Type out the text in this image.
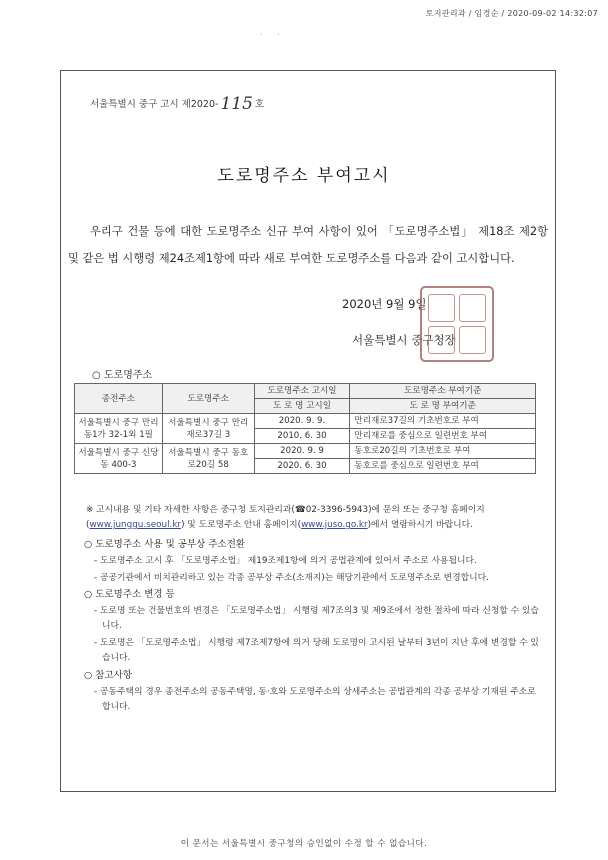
토지관리과 / 임경순 / 2020-09-02 14:32:07
· ·
서울특별시 중구 고시 제2020- 115 호
도로명주소 부여고시

우리구 건물 등에 대한 도로명주소 신규 부여 사항이 있어 「도로명주소법」 제18조 제2항 및 같은 법 시행령 제24조제1항에 따라 새로 부여한 도로명주소를 다음과 같이 고시합니다.

2020년 9월 9일
서울특별시 중구청장
○ 도로명주소
종전주소	도로명주소	도로명주소 고시일	도로명주소 부여기준
		도 로 명 고시일	도 로 명 부여기준
서울특별시 중구 만리동1가 32-1외 1필	서울특별시 중구 만리재로37길 3	2020. 9. 9.	만리재로37길의 기초번호로 부여
		2010. 6. 30	만리재로를 중심으로 일련번호 부여
서울특별시 중구 신당동 400-3	서울특별시 중구 동호로20길 58	2020. 9. 9	동호로20길의 기초번호로 부여
		2020. 6. 30	동호로를 중심으로 일련번호 부여

※ 고시내용 및 기타 자세한 사항은 중구청 토지관리과(☎02-3396-5943)에 문의 또는 중구청 홈페이지(www.junggu.seoul.kr) 및 도로명주소 안내 홈페이지(www.juso.go.kr)에서 열람하시기 바랍니다.

○ 도로명주소 사용 및 공부상 주소전환
- 도로명주소 고시 후 「도로명주소법」 제19조제1항에 의거 공법관계에 있어서 주소로 사용됩니다.
- 공공기관에서 비치관리하고 있는 각종 공부상 주소(소재지)는 해당기관에서 도로명주소로 변경합니다.
○ 도로명주소 변경 등
- 도로명 또는 건물번호의 변경은 「도로명주소법」 시행령 제7조의3 및 제9조에서 정한 절차에 따라 신청할 수 있습니다.
- 도로명은 「도로명주소법」 시행령 제7조제7항에 의거 당해 도로명이 고시된 날부터 3년이 지난 후에 변경할 수 있습니다.
○ 참고사항
- 공동주택의 경우 종전주소의 공동주택명, 동·호와 도로명주소의 상세주소는 공법관계의 각종 공부상 기재된 주소로 합니다.
이 문서는 서울특별시 중구청의 승인없이 수정 할 수 없습니다.
